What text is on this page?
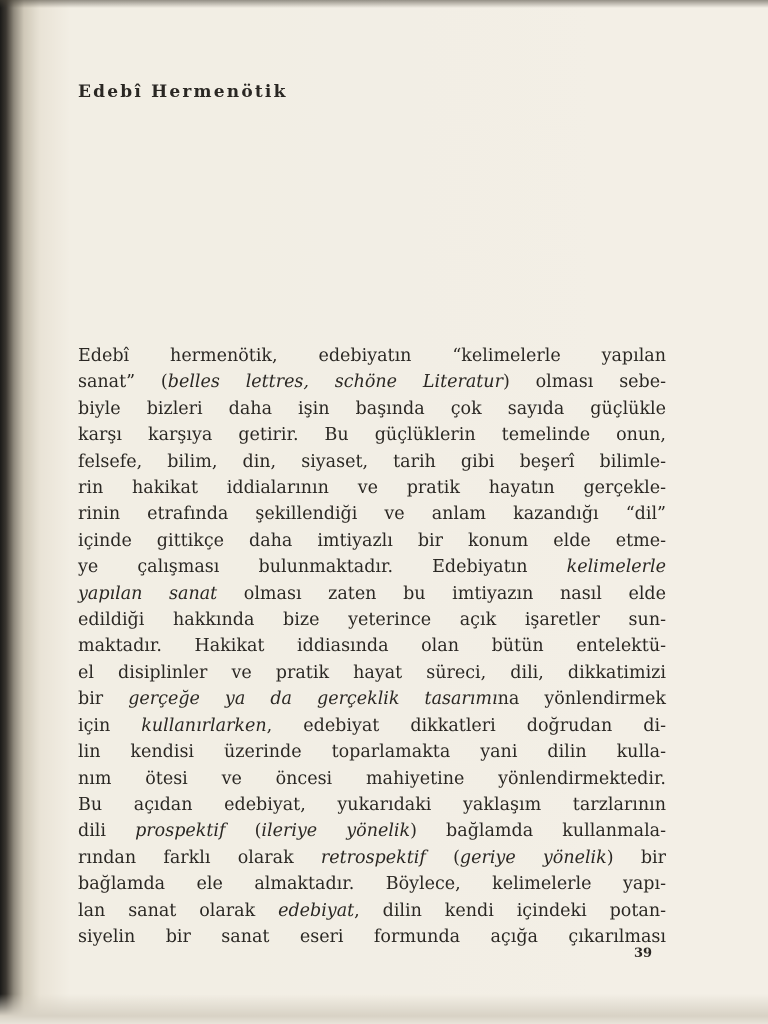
Edebî Hermenötik
Edebî hermenötik, edebiyatın “kelimelerle yapılan
sanat” (belles lettres, schöne Literatur) olması sebe-
biyle bizleri daha işin başında çok sayıda güçlükle
karşı karşıya getirir. Bu güçlüklerin temelinde onun,
felsefe, bilim, din, siyaset, tarih gibi beşerî bilimle-
rin hakikat iddialarının ve pratik hayatın gerçekle-
rinin etrafında şekillendiği ve anlam kazandığı “dil”
içinde gittikçe daha imtiyazlı bir konum elde etme-
ye çalışması bulunmaktadır. Edebiyatın kelimelerle
yapılan sanat olması zaten bu imtiyazın nasıl elde
edildiği hakkında bize yeterince açık işaretler sun-
maktadır. Hakikat iddiasında olan bütün entelektü-
el disiplinler ve pratik hayat süreci, dili, dikkatimizi
bir gerçeğe ya da gerçeklik tasarımına yönlendirmek
için kullanırlarken, edebiyat dikkatleri doğrudan di-
lin kendisi üzerinde toparlamakta yani dilin kulla-
nım ötesi ve öncesi mahiyetine yönlendirmektedir.
Bu açıdan edebiyat, yukarıdaki yaklaşım tarzlarının
dili prospektif (ileriye yönelik) bağlamda kullanmala-
rından farklı olarak retrospektif (geriye yönelik) bir
bağlamda ele almaktadır. Böylece, kelimelerle yapı-
lan sanat olarak edebiyat, dilin kendi içindeki potan-
siyelin bir sanat eseri formunda açığa çıkarılması
39
